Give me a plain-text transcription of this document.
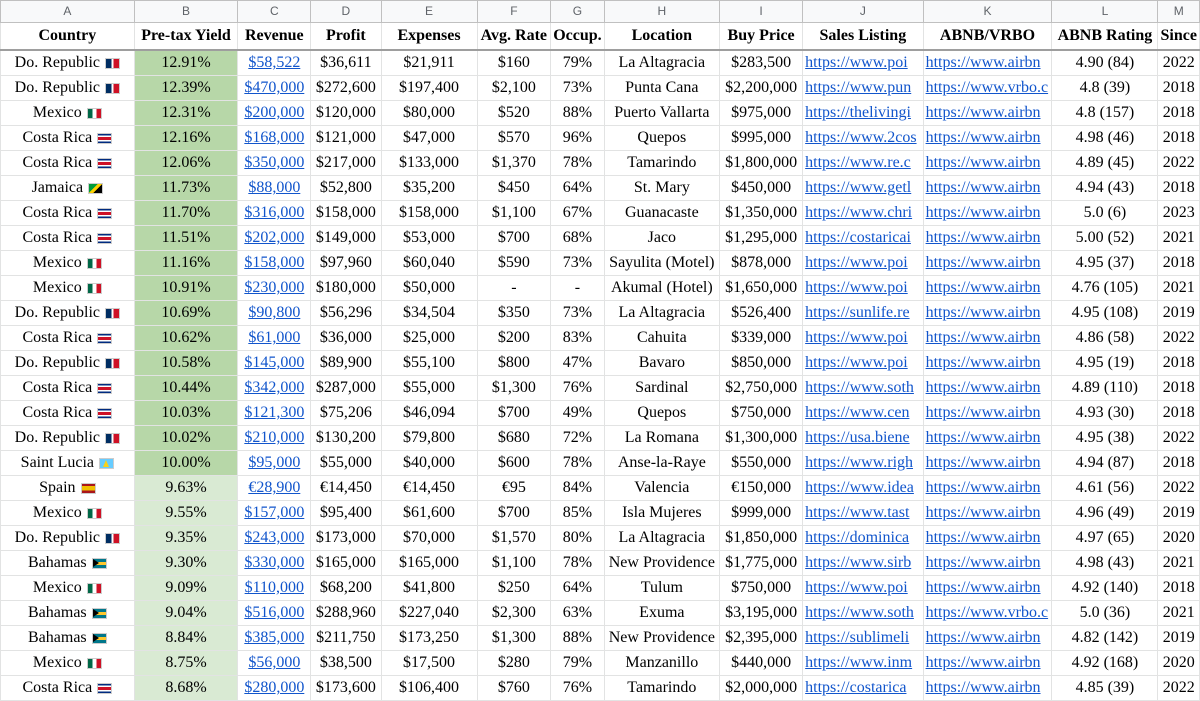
A	B	C	D	E	F	G	H	I	J	K	L	M
Country	Pre-tax Yield	Revenue	Profit	Expenses	Avg. Rate	Occup.	Location	Buy Price	Sales Listing	ABNB/VRBO	ABNB Rating	Since
Do. Republic	12.91%	$58,522	$36,611	$21,911	$160	79%	La Altagracia	$283,500	https://www.poi	https://www.airbn	4.90 (84)	2022
Do. Republic	12.39%	$470,000	$272,600	$197,400	$2,100	73%	Punta Cana	$2,200,000	https://www.pun	https://www.vrbo.c	4.8 (39)	2018
Mexico	12.31%	$200,000	$120,000	$80,000	$520	88%	Puerto Vallarta	$975,000	https://thelivingi	https://www.airbn	4.8 (157)	2018
Costa Rica	12.16%	$168,000	$121,000	$47,000	$570	96%	Quepos	$995,000	https://www.2cos	https://www.airbn	4.98 (46)	2018
Costa Rica	12.06%	$350,000	$217,000	$133,000	$1,370	78%	Tamarindo	$1,800,000	https://www.re.c	https://www.airbn	4.89 (45)	2022
Jamaica	11.73%	$88,000	$52,800	$35,200	$450	64%	St. Mary	$450,000	https://www.getl	https://www.airbn	4.94 (43)	2018
Costa Rica	11.70%	$316,000	$158,000	$158,000	$1,100	67%	Guanacaste	$1,350,000	https://www.chri	https://www.airbn	5.0 (6)	2023
Costa Rica	11.51%	$202,000	$149,000	$53,000	$700	68%	Jaco	$1,295,000	https://costaricai	https://www.airbn	5.00 (52)	2021
Mexico	11.16%	$158,000	$97,960	$60,040	$590	73%	Sayulita (Motel)	$878,000	https://www.poi	https://www.airbn	4.95 (37)	2018
Mexico	10.91%	$230,000	$180,000	$50,000	-	-	Akumal (Hotel)	$1,650,000	https://www.poi	https://www.airbn	4.76 (105)	2021
Do. Republic	10.69%	$90,800	$56,296	$34,504	$350	73%	La Altagracia	$526,400	https://sunlife.re	https://www.airbn	4.95 (108)	2019
Costa Rica	10.62%	$61,000	$36,000	$25,000	$200	83%	Cahuita	$339,000	https://www.poi	https://www.airbn	4.86 (58)	2022
Do. Republic	10.58%	$145,000	$89,900	$55,100	$800	47%	Bavaro	$850,000	https://www.poi	https://www.airbn	4.95 (19)	2018
Costa Rica	10.44%	$342,000	$287,000	$55,000	$1,300	76%	Sardinal	$2,750,000	https://www.soth	https://www.airbn	4.89 (110)	2018
Costa Rica	10.03%	$121,300	$75,206	$46,094	$700	49%	Quepos	$750,000	https://www.cen	https://www.airbn	4.93 (30)	2018
Do. Republic	10.02%	$210,000	$130,200	$79,800	$680	72%	La Romana	$1,300,000	https://usa.biene	https://www.airbn	4.95 (38)	2022
Saint Lucia	10.00%	$95,000	$55,000	$40,000	$600	78%	Anse-la-Raye	$550,000	https://www.righ	https://www.airbn	4.94 (87)	2018
Spain	9.63%	€28,900	€14,450	€14,450	€95	84%	Valencia	€150,000	https://www.idea	https://www.airbn	4.61 (56)	2022
Mexico	9.55%	$157,000	$95,400	$61,600	$700	85%	Isla Mujeres	$999,000	https://www.tast	https://www.airbn	4.96 (49)	2019
Do. Republic	9.35%	$243,000	$173,000	$70,000	$1,570	80%	La Altagracia	$1,850,000	https://dominica	https://www.airbn	4.97 (65)	2020
Bahamas	9.30%	$330,000	$165,000	$165,000	$1,100	78%	New Providence	$1,775,000	https://www.sirb	https://www.airbn	4.98 (43)	2021
Mexico	9.09%	$110,000	$68,200	$41,800	$250	64%	Tulum	$750,000	https://www.poi	https://www.airbn	4.92 (140)	2018
Bahamas	9.04%	$516,000	$288,960	$227,040	$2,300	63%	Exuma	$3,195,000	https://www.soth	https://www.vrbo.c	5.0 (36)	2021
Bahamas	8.84%	$385,000	$211,750	$173,250	$1,300	88%	New Providence	$2,395,000	https://sublimeli	https://www.airbn	4.82 (142)	2019
Mexico	8.75%	$56,000	$38,500	$17,500	$280	79%	Manzanillo	$440,000	https://www.inm	https://www.airbn	4.92 (168)	2020
Costa Rica	8.68%	$280,000	$173,600	$106,400	$760	76%	Tamarindo	$2,000,000	https://costarica	https://www.airbn	4.85 (39)	2022
